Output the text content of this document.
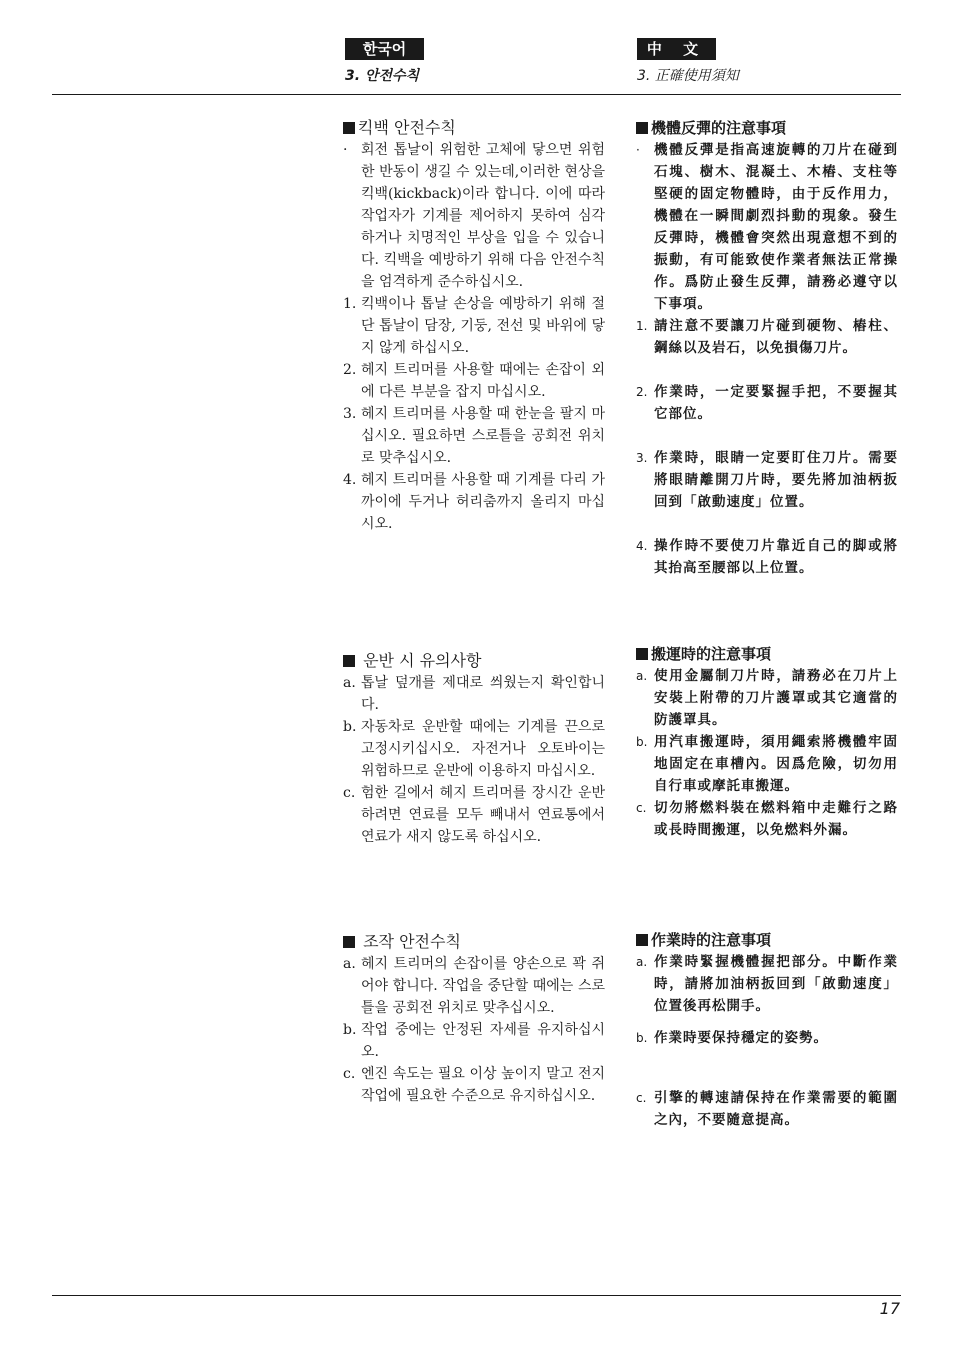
한국어	中 文
3. 안전수칙	3. 正確使用須知
킥백 안전수칙
· 회전 톱날이 위험한 고체에 닿으면 위험한 반동이 생길 수 있는데,이러한 현상을 킥백(kickback)이라 합니다. 이에 따라 작업자가 기계를 제어하지 못하여 심각하거나 치명적인 부상을 입을 수 있습니다. 킥백을 예방하기 위해 다음 안전수칙을 엄격하게 준수하십시오.
1. 킥백이나 톱날 손상을 예방하기 위해 절단 톱날이 담장, 기둥, 전선 및 바위에 닿지 않게 하십시오.
2. 헤지 트리머를 사용할 때에는 손잡이 외에 다른 부분을 잡지 마십시오.
3. 헤지 트리머를 사용할 때 한눈을 팔지 마십시오. 필요하면 스로틀을 공회전 위치로 맞추십시오.
4. 헤지 트리머를 사용할 때 기계를 다리 가까이에 두거나 허리춤까지 올리지 마십시오.
운반 시 유의사항
a. 톱날 덮개를 제대로 씌웠는지 확인합니다.
b. 자동차로 운반할 때에는 기계를 끈으로 고정시키십시오. 자전거나 오토바이는 위험하므로 운반에 이용하지 마십시오.
c. 험한 길에서 헤지 트리머를 장시간 운반하려면 연료를 모두 빼내서 연료통에서 연료가 새지 않도록 하십시오.
조작 안전수칙
a. 헤지 트리머의 손잡이를 양손으로 꽉 쥐어야 합니다. 작업을 중단할 때에는 스로틀을 공회전 위치로 맞추십시오.
b. 작업 중에는 안정된 자세를 유지하십시오.
c. 엔진 속도는 필요 이상 높이지 말고 전지 작업에 필요한 수준으로 유지하십시오.
機體反彈的注意事項
·	機體反彈是指高速旋轉的刀片在碰到石塊、樹木、混凝土、木樁、支柱等堅硬的固定物體時，由于反作用力，機體在一瞬間劇烈抖動的現象。發生反彈時，機體會突然出現意想不到的振動，有可能致使作業者無法正常操作。爲防止發生反彈，請務必遵守以下事項。
1. 請注意不要讓刀片碰到硬物、樁柱、鋼絲以及岩石，以免損傷刀片。
2. 作業時，一定要緊握手把，不要握其它部位。
3. 作業時，眼睛一定要盯住刀片。需要將眼睛離開刀片時，要先將加油柄扳回到「啟動速度」位置。
4. 操作時不要使刀片靠近自己的脚或將其抬高至腰部以上位置。
搬運時的注意事項
a. 使用金屬制刀片時，請務必在刀片上安裝上附帶的刀片護罩或其它適當的防護罩具。
b. 用汽車搬運時，須用繩索將機體牢固地固定在車槽內。因爲危險，切勿用自行車或摩託車搬運。
c. 切勿將燃料裝在燃料箱中走難行之路或長時間搬運，以免燃料外漏。
作業時的注意事項
a. 作業時緊握機體握把部分。中斷作業時，請將加油柄扳回到「啟動速度」位置後再松開手。
b. 作業時要保持穩定的姿勢。
c. 引擎的轉速請保持在作業需要的範圍之內，不要隨意提高。
17
